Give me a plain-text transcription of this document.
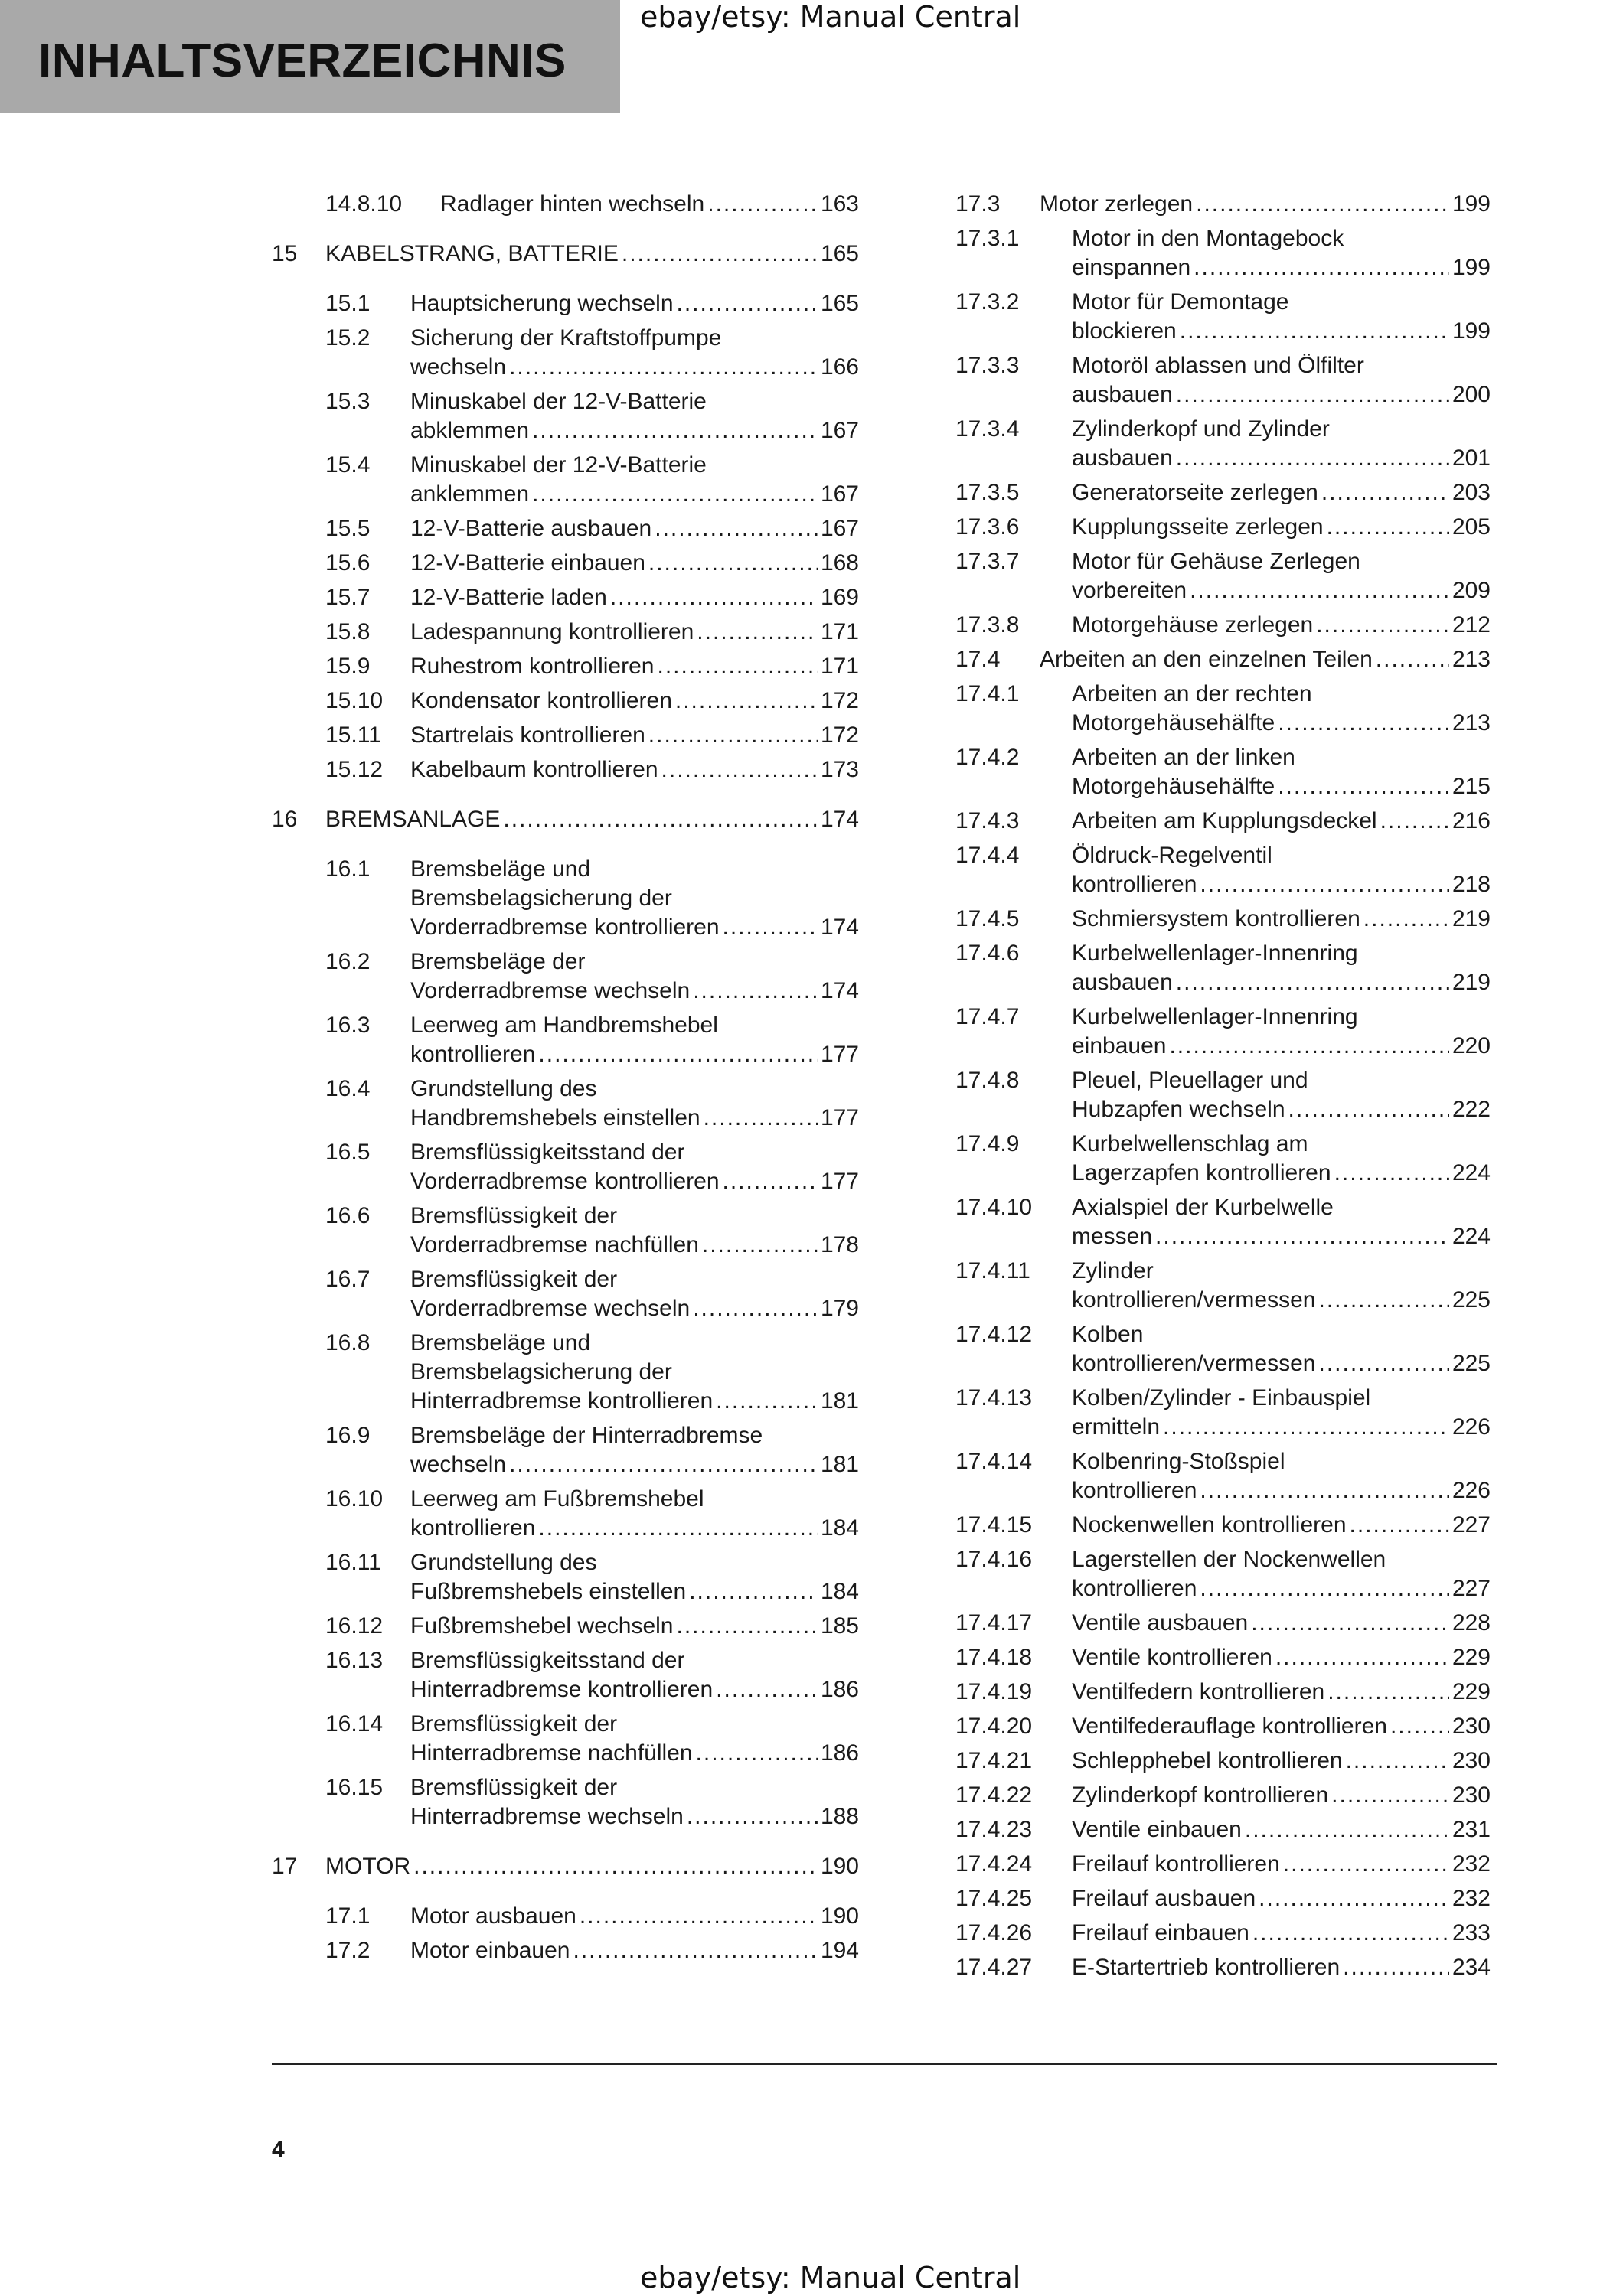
INHALTSVERZEICHNIS
ebay/etsy: Manual Central
14.8.10 Radlager hinten wechseln .....	163
15 KABELSTRANG, BATTERIE .....	165
15.1 Hauptsicherung wechseln .....	165
15.2 Sicherung der Kraftstoffpumpe
wechseln .....	166
15.3 Minuskabel der 12-V-Batterie
abklemmen .....	167
15.4 Minuskabel der 12-V-Batterie
anklemmen .....	167
15.5 12-V-Batterie ausbauen .....	167
15.6 12-V-Batterie einbauen .....	168
15.7 12-V-Batterie laden .....	169
15.8 Ladespannung kontrollieren .....	171
15.9 Ruhestrom kontrollieren .....	171
15.10 Kondensator kontrollieren .....	172
15.11 Startrelais kontrollieren .....	172
15.12 Kabelbaum kontrollieren .....	173
16 BREMSANLAGE .....	174
16.1 Bremsbeläge und
Bremsbelagsicherung der
Vorderradbremse kontrollieren .....	174
16.2 Bremsbeläge der
Vorderradbremse wechseln .....	174
16.3 Leerweg am Handbremshebel
kontrollieren .....	177
16.4 Grundstellung des
Handbremshebels einstellen .....	177
16.5 Bremsflüssigkeitsstand der
Vorderradbremse kontrollieren .....	177
16.6 Bremsflüssigkeit der
Vorderradbremse nachfüllen .....	178
16.7 Bremsflüssigkeit der
Vorderradbremse wechseln .....	179
16.8 Bremsbeläge und
Bremsbelagsicherung der
Hinterradbremse kontrollieren .....	181
16.9 Bremsbeläge der Hinterradbremse
wechseln .....	181
16.10 Leerweg am Fußbremshebel
kontrollieren .....	184
16.11 Grundstellung des
Fußbremshebels einstellen .....	184
16.12 Fußbremshebel wechseln .....	185
16.13 Bremsflüssigkeitsstand der
Hinterradbremse kontrollieren .....	186
16.14 Bremsflüssigkeit der
Hinterradbremse nachfüllen .....	186
16.15 Bremsflüssigkeit der
Hinterradbremse wechseln .....	188
17 MOTOR .....	190
17.1 Motor ausbauen .....	190
17.2 Motor einbauen .....	194
17.3 Motor zerlegen .....	199
17.3.1 Motor in den Montagebock
einspannen .....	199
17.3.2 Motor für Demontage
blockieren .....	199
17.3.3 Motoröl ablassen und Ölfilter
ausbauen .....	200
17.3.4 Zylinderkopf und Zylinder
ausbauen .....	201
17.3.5 Generatorseite zerlegen .....	203
17.3.6 Kupplungsseite zerlegen .....	205
17.3.7 Motor für Gehäuse Zerlegen
vorbereiten .....	209
17.3.8 Motorgehäuse zerlegen .....	212
17.4 Arbeiten an den einzelnen Teilen .....	213
17.4.1 Arbeiten an der rechten
Motorgehäusehälfte .....	213
17.4.2 Arbeiten an der linken
Motorgehäusehälfte .....	215
17.4.3 Arbeiten am Kupplungsdeckel .....	216
17.4.4 Öldruck-Regelventil
kontrollieren .....	218
17.4.5 Schmiersystem kontrollieren .....	219
17.4.6 Kurbelwellenlager-Innenring
ausbauen .....	219
17.4.7 Kurbelwellenlager-Innenring
einbauen .....	220
17.4.8 Pleuel, Pleuellager und
Hubzapfen wechseln .....	222
17.4.9 Kurbelwellenschlag am
Lagerzapfen kontrollieren .....	224
17.4.10 Axialspiel der Kurbelwelle
messen .....	224
17.4.11 Zylinder
kontrollieren/vermessen .....	225
17.4.12 Kolben
kontrollieren/vermessen .....	225
17.4.13 Kolben/Zylinder - Einbauspiel
ermitteln .....	226
17.4.14 Kolbenring-Stoßspiel
kontrollieren .....	226
17.4.15 Nockenwellen kontrollieren .....	227
17.4.16 Lagerstellen der Nockenwellen
kontrollieren .....	227
17.4.17 Ventile ausbauen .....	228
17.4.18 Ventile kontrollieren .....	229
17.4.19 Ventilfedern kontrollieren .....	229
17.4.20 Ventilfederauflage kontrollieren .....	230
17.4.21 Schlepphebel kontrollieren .....	230
17.4.22 Zylinderkopf kontrollieren .....	230
17.4.23 Ventile einbauen .....	231
17.4.24 Freilauf kontrollieren .....	232
17.4.25 Freilauf ausbauen .....	232
17.4.26 Freilauf einbauen .....	233
17.4.27 E-Startertrieb kontrollieren .....	234
4
ebay/etsy: Manual Central
